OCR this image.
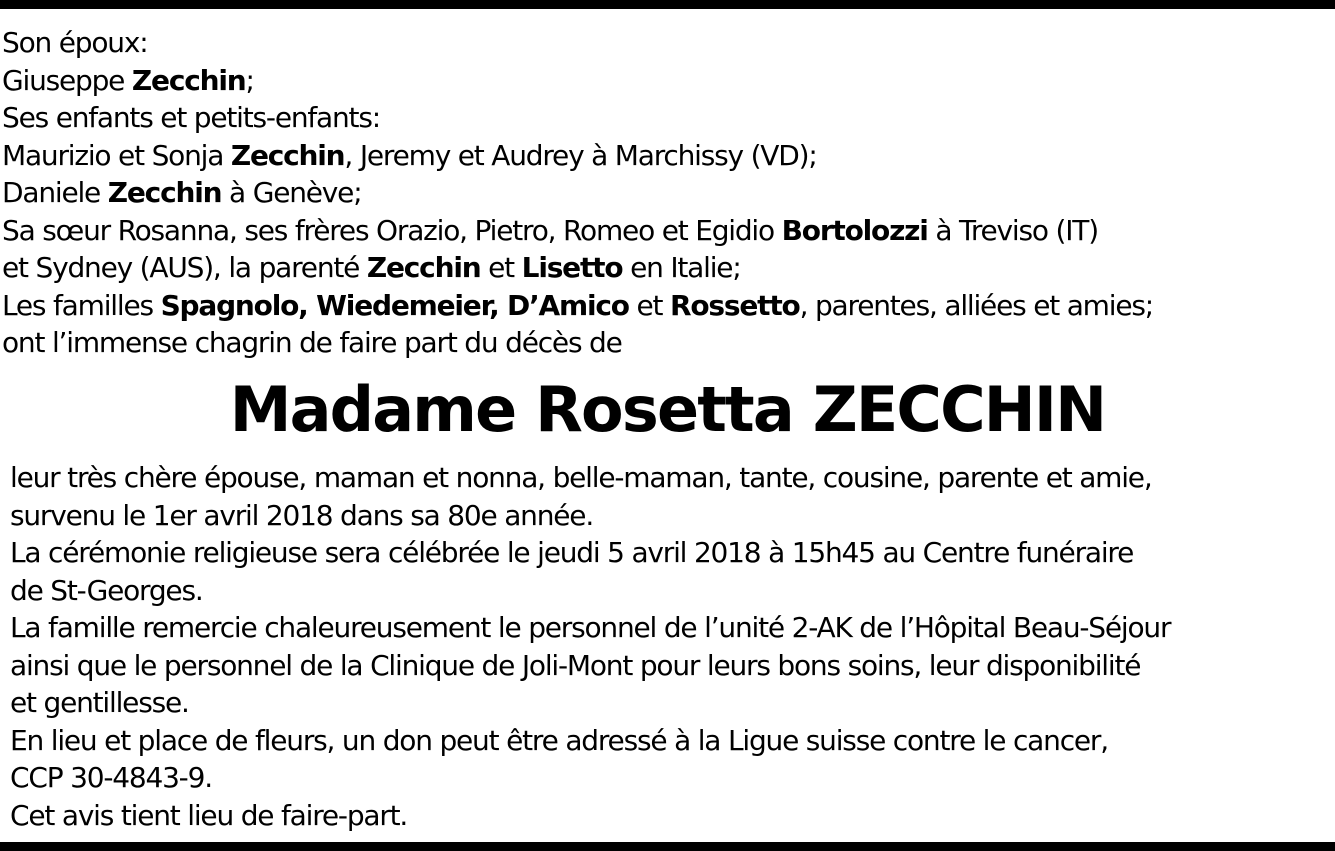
Son époux:
Giuseppe Zecchin;
Ses enfants et petits-enfants:
Maurizio et Sonja Zecchin, Jeremy et Audrey à Marchissy (VD);
Daniele Zecchin à Genève;
Sa sœur Rosanna, ses frères Orazio, Pietro, Romeo et Egidio Bortolozzi à Treviso (IT)
et Sydney (AUS), la parenté Zecchin et Lisetto en Italie;
Les familles Spagnolo, Wiedemeier, D’Amico et Rossetto, parentes, alliées et amies;
ont l’immense chagrin de faire part du décès de
Madame Rosetta ZECCHIN
leur très chère épouse, maman et nonna, belle-maman, tante, cousine, parente et amie,
survenu le 1er avril 2018 dans sa 80e année.
La cérémonie religieuse sera célébrée le jeudi 5 avril 2018 à 15h45 au Centre funéraire
de St-Georges.
La famille remercie chaleureusement le personnel de l’unité 2-AK de l’Hôpital Beau-Séjour
ainsi que le personnel de la Clinique de Joli-Mont pour leurs bons soins, leur disponibilité
et gentillesse.
En lieu et place de fleurs, un don peut être adressé à la Ligue suisse contre le cancer,
CCP 30-4843-9.
Cet avis tient lieu de faire-part.
